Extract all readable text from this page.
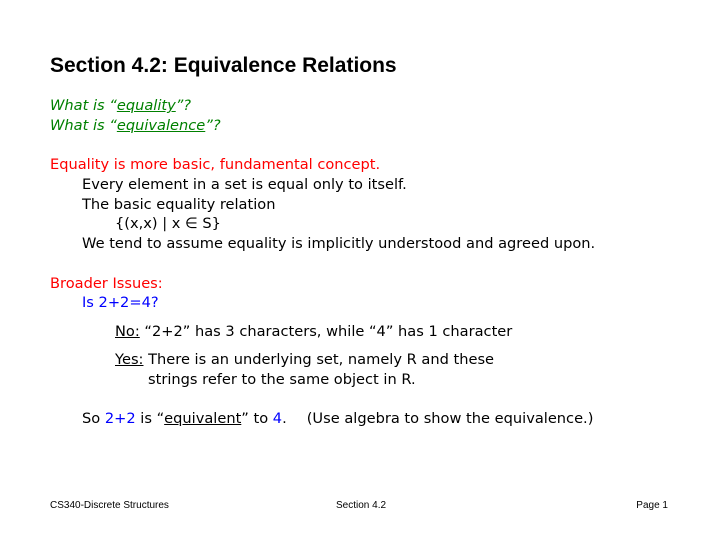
Section 4.2: Equivalence Relations

What is “equality”?

What is “equivalence”?

Equality is more basic, fundamental concept.

Every element in a set is equal only to itself.

The basic equality relation

{(x,x) | x ∈ S}

We tend to assume equality is implicitly understood and agreed upon.

Broader Issues:

Is 2+2=4?

No: “2+2” has 3 characters, while “4” has 1 character

Yes: There is an underlying set, namely R and these

strings refer to the same object in R.

So 2+2 is “equivalent” to 4. (Use algebra to show the equivalence.)

CS340-Discrete Structures	Section 4.2	Page 1
